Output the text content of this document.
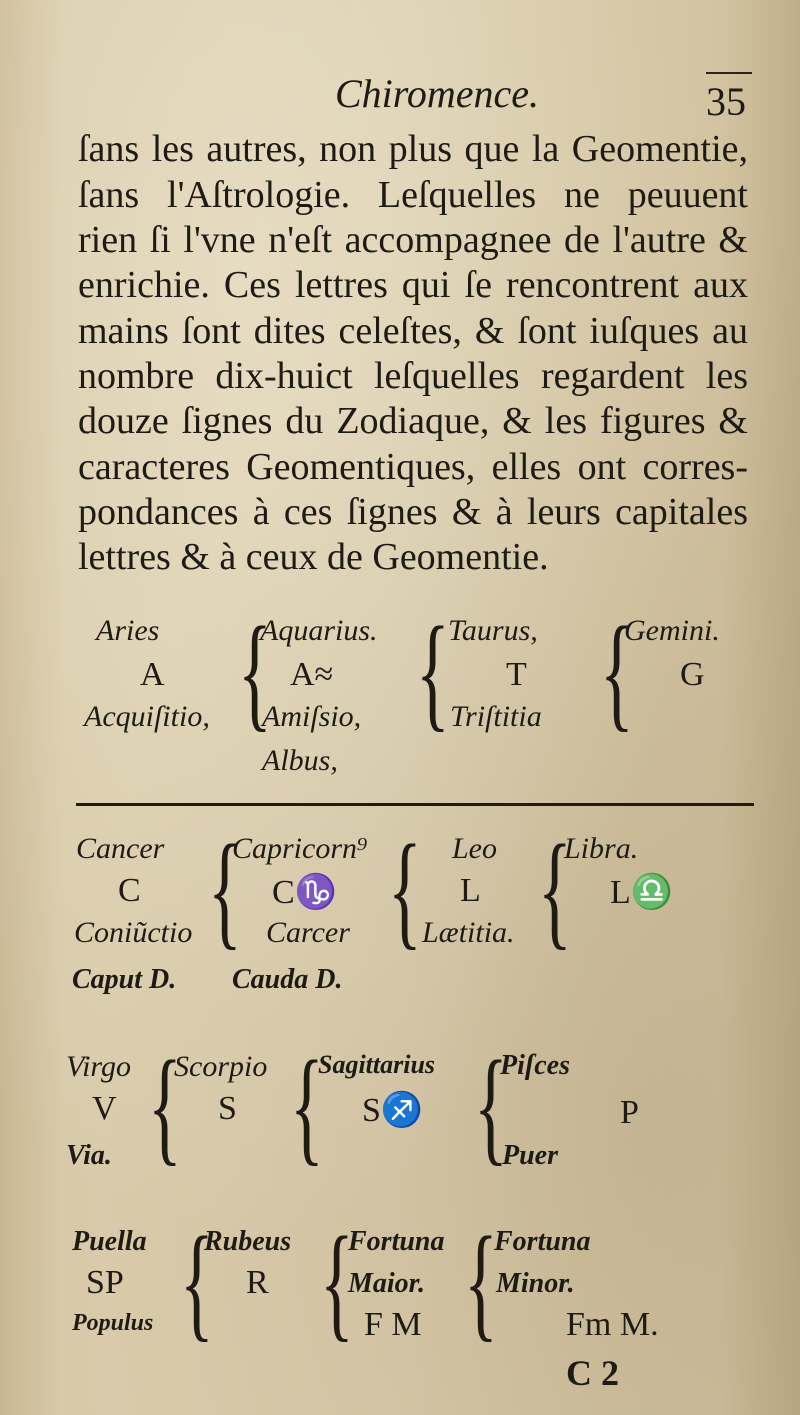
Chiromence.	35
ſans les autres, non plus que la Geomentie,
ſans l'Aſtrologie. Leſquelles ne peuuent
rien ſi l'vne n'eſt accompagnee de l'autre &
enrichie. Ces lettres qui ſe rencontrent aux
mains ſont dites celeſtes, & ſont iuſques au
nombre dix-huict leſquelles regardent les
douze ſignes du Zodiaque, & les figures &
caracteres Geomentiques, elles ont corres-
pondances à ces ſignes & à leurs capitales
lettres & à ceux de Geomentie.
Aries
A
Acquiſitio, {
Aquarius.
A≈
Amiſsio,
Albus,
{
Taurus,
T
Triſtitia {
Gemini.
G
Cancer
C
Coniũctio {
Capricorn⁹
C♑
Carcer { Leo
L
Lætitia. {
Libra.
L♎
Caput D. Cauda D.
Virgo
V
Via. {
Scorpio
S {
Sagittarius
S♐ {
Piſces
P
Puer
Puella
SP
Populus {
Rubeus
R {
Fortuna
Maior.
F M {
Fortuna
Minor.
Fm M.
C 2
